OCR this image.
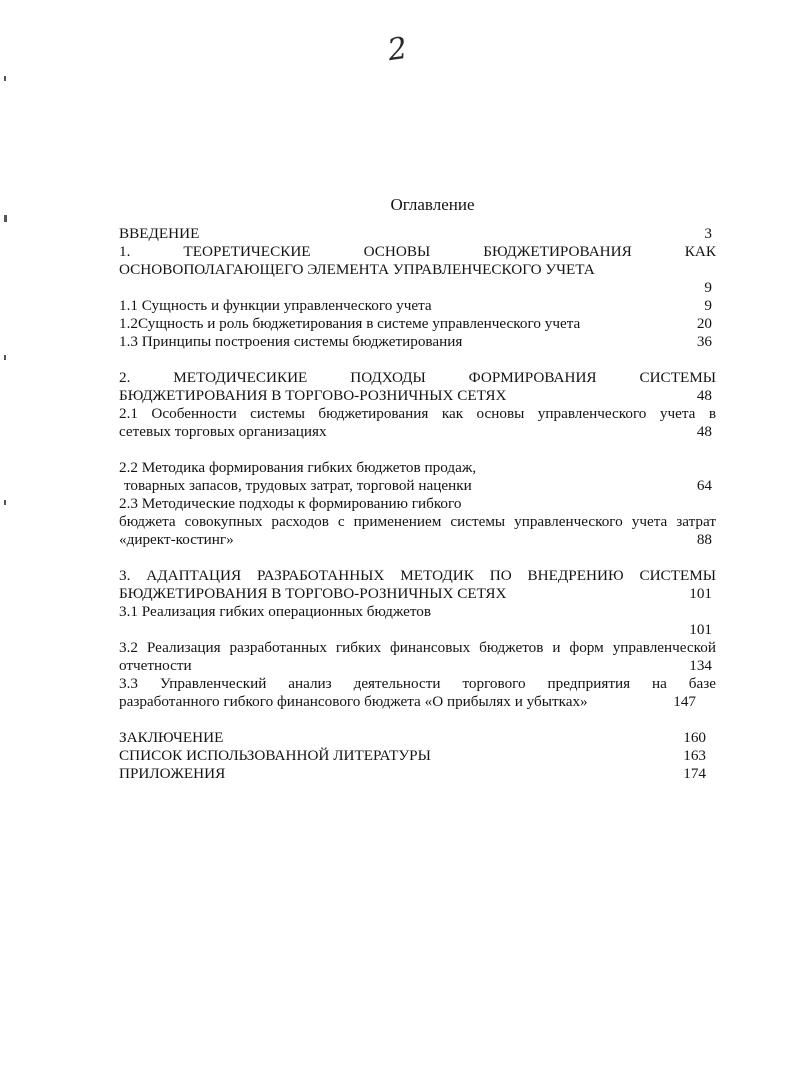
2
Оглавление
ВВЕДЕНИЕ	3
1. ТЕОРЕТИЧЕСКИЕ ОСНОВЫ БЮДЖЕТИРОВАНИЯ КАК
ОСНОВОПОЛАГАЮЩЕГО ЭЛЕМЕНТА УПРАВЛЕНЧЕСКОГО УЧЕТА
9
1.1 Сущность и функции управленческого учета	9
1.2Сущность и роль бюджетирования в системе управленческого учета	20
1.3 Принципы построения системы бюджетирования	36
2. МЕТОДИЧЕСИКИЕ ПОДХОДЫ ФОРМИРОВАНИЯ СИСТЕМЫ
БЮДЖЕТИРОВАНИЯ В ТОРГОВО-РОЗНИЧНЫХ СЕТЯХ	48
2.1 Особенности системы бюджетирования как основы управленческого учета в
сетевых торговых организациях	48
2.2 Методика формирования гибких бюджетов продаж,
товарных запасов, трудовых затрат, торговой наценки	64
2.3 Методические подходы к формированию гибкого
бюджета совокупных расходов с применением системы управленческого учета затрат
«директ-костинг»	88
3. АДАПТАЦИЯ РАЗРАБОТАННЫХ МЕТОДИК ПО ВНЕДРЕНИЮ СИСТЕМЫ
БЮДЖЕТИРОВАНИЯ В ТОРГОВО-РОЗНИЧНЫХ СЕТЯХ	101
3.1 Реализация гибких операционных бюджетов
101
3.2 Реализация разработанных гибких финансовых бюджетов и форм управленческой
отчетности	134
3.3 Управленческий анализ деятельности торгового предприятия на базе
разработанного гибкого финансового бюджета «О прибылях и убытках»	147
ЗАКЛЮЧЕНИЕ	160
СПИСОК ИСПОЛЬЗОВАННОЙ ЛИТЕРАТУРЫ	163
ПРИЛОЖЕНИЯ	174
